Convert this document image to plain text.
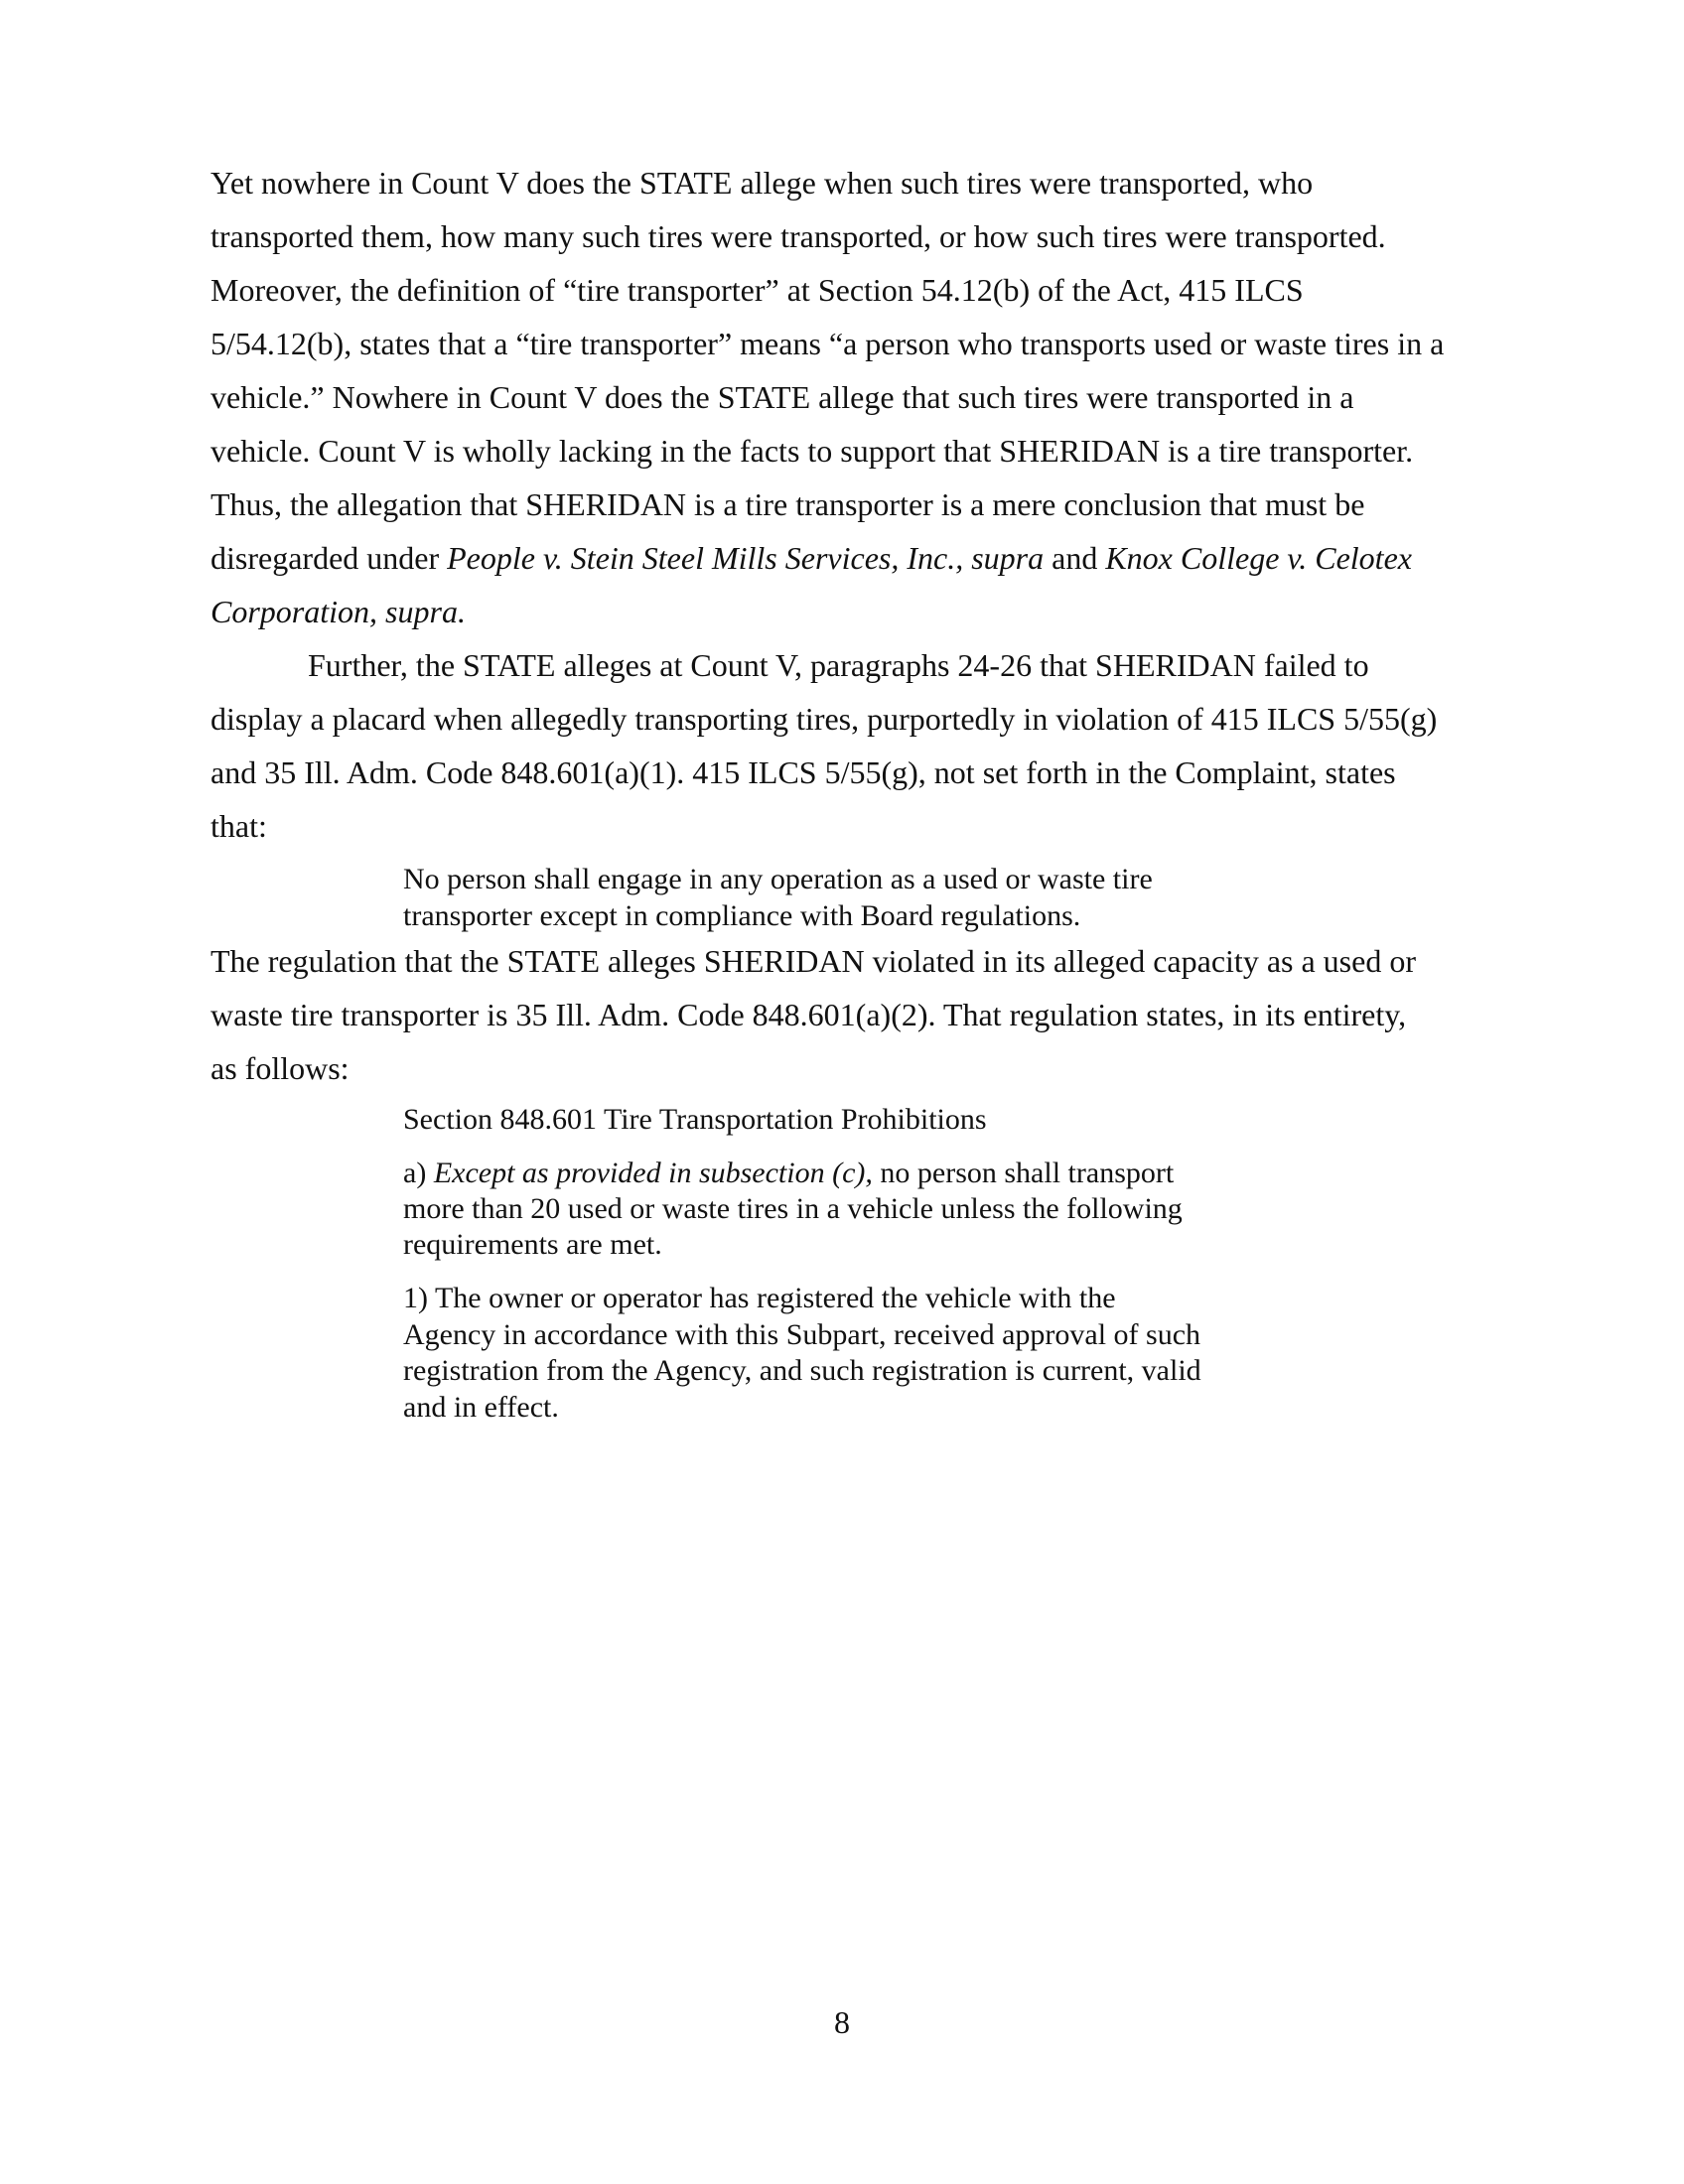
Yet nowhere in Count V does the STATE allege when such tires were transported, who
transported them, how many such tires were transported, or how such tires were transported.
Moreover, the definition of “tire transporter” at Section 54.12(b) of the Act, 415 ILCS
5/54.12(b), states that a “tire transporter” means “a person who transports used or waste tires in a
vehicle.” Nowhere in Count V does the STATE allege that such tires were transported in a
vehicle. Count V is wholly lacking in the facts to support that SHERIDAN is a tire transporter.
Thus, the allegation that SHERIDAN is a tire transporter is a mere conclusion that must be
disregarded under People v. Stein Steel Mills Services, Inc., supra and Knox College v. Celotex
Corporation, supra.
Further, the STATE alleges at Count V, paragraphs 24-26 that SHERIDAN failed to
display a placard when allegedly transporting tires, purportedly in violation of 415 ILCS 5/55(g)
and 35 Ill. Adm. Code 848.601(a)(1). 415 ILCS 5/55(g), not set forth in the Complaint, states
that:
No person shall engage in any operation as a used or waste tire
transporter except in compliance with Board regulations.
The regulation that the STATE alleges SHERIDAN violated in its alleged capacity as a used or
waste tire transporter is 35 Ill. Adm. Code 848.601(a)(2). That regulation states, in its entirety,
as follows:
Section 848.601 Tire Transportation Prohibitions
a) Except as provided in subsection (c), no person shall transport
more than 20 used or waste tires in a vehicle unless the following
requirements are met.
1) The owner or operator has registered the vehicle with the
Agency in accordance with this Subpart, received approval of such
registration from the Agency, and such registration is current, valid
and in effect.
8
